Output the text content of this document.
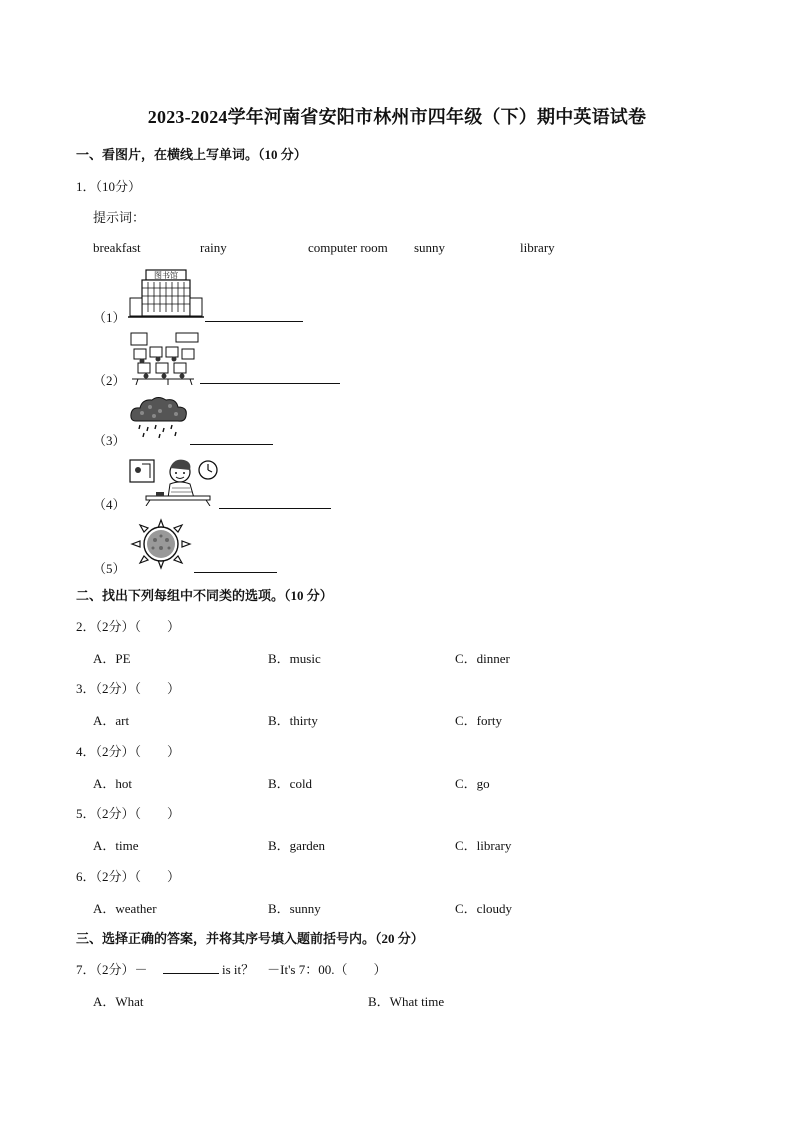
2023-2024学年河南省安阳市林州市四年级（下）期中英语试卷
一、看图片，在横线上写单词。（10 分）
1．（10分）
提示词：
breakfast	rainy	computer room sunny	library
（1）
图书馆
（2）
（3）
（4）
（5）
二、找出下列每组中不同类的选项。（10 分）
2．（2分）（　　）
A．PE	B．music	C．dinner
3．（2分）（　　）
A．art	B．thirty	C．forty
4．（2分）（　　）
A．hot	B．cold	C．go
5．（2分）（　　）
A．time	B．garden	C．library
6．（2分）（　　）
A．weather	B．sunny	C．cloudy
三、选择正确的答案，并将其序号填入题前括号内。（20 分）
7．（2分）－	is it？　－It's 7：00.（　　）
A．What	B．What time
